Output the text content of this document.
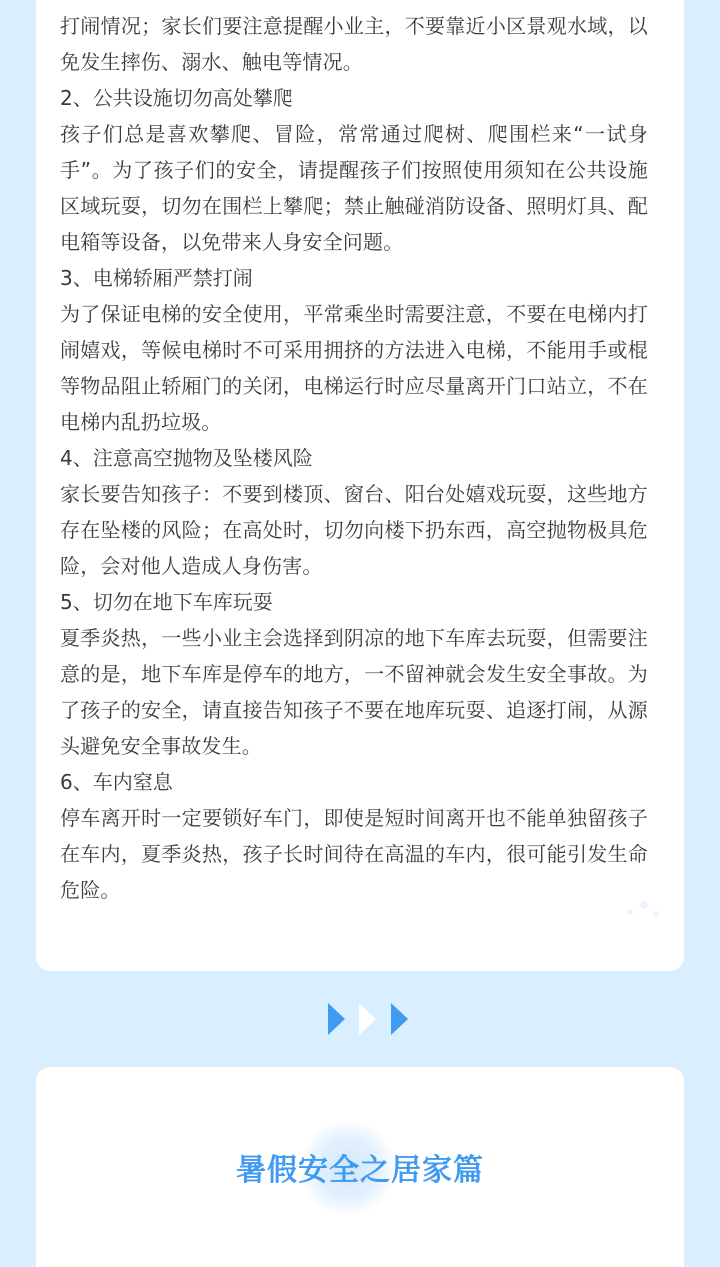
打闹情况；家长们要注意提醒小业主，不要靠近小区景观水域，以免发生摔伤、溺水、触电等情况。

2、公共设施切勿高处攀爬

孩子们总是喜欢攀爬、冒险，常常通过爬树、爬围栏来“一试身手”。为了孩子们的安全，请提醒孩子们按照使用须知在公共设施区域玩耍，切勿在围栏上攀爬；禁止触碰消防设备、照明灯具、配电箱等设备，以免带来人身安全问题。

3、电梯轿厢严禁打闹

为了保证电梯的安全使用，平常乘坐时需要注意，不要在电梯内打闹嬉戏，等候电梯时不可采用拥挤的方法进入电梯，不能用手或棍等物品阻止轿厢门的关闭，电梯运行时应尽量离开门口站立，不在电梯内乱扔垃圾。

4、注意高空抛物及坠楼风险

家长要告知孩子：不要到楼顶、窗台、阳台处嬉戏玩耍，这些地方存在坠楼的风险；在高处时，切勿向楼下扔东西，高空抛物极具危险，会对他人造成人身伤害。

5、切勿在地下车库玩耍

夏季炎热，一些小业主会选择到阴凉的地下车库去玩耍，但需要注意的是，地下车库是停车的地方，一不留神就会发生安全事故。为了孩子的安全，请直接告知孩子不要在地库玩耍、追逐打闹，从源头避免安全事故发生。

6、车内窒息

停车离开时一定要锁好车门，即使是短时间离开也不能单独留孩子在车内，夏季炎热，孩子长时间待在高温的车内，很可能引发生命危险。

暑假安全之居家篇
